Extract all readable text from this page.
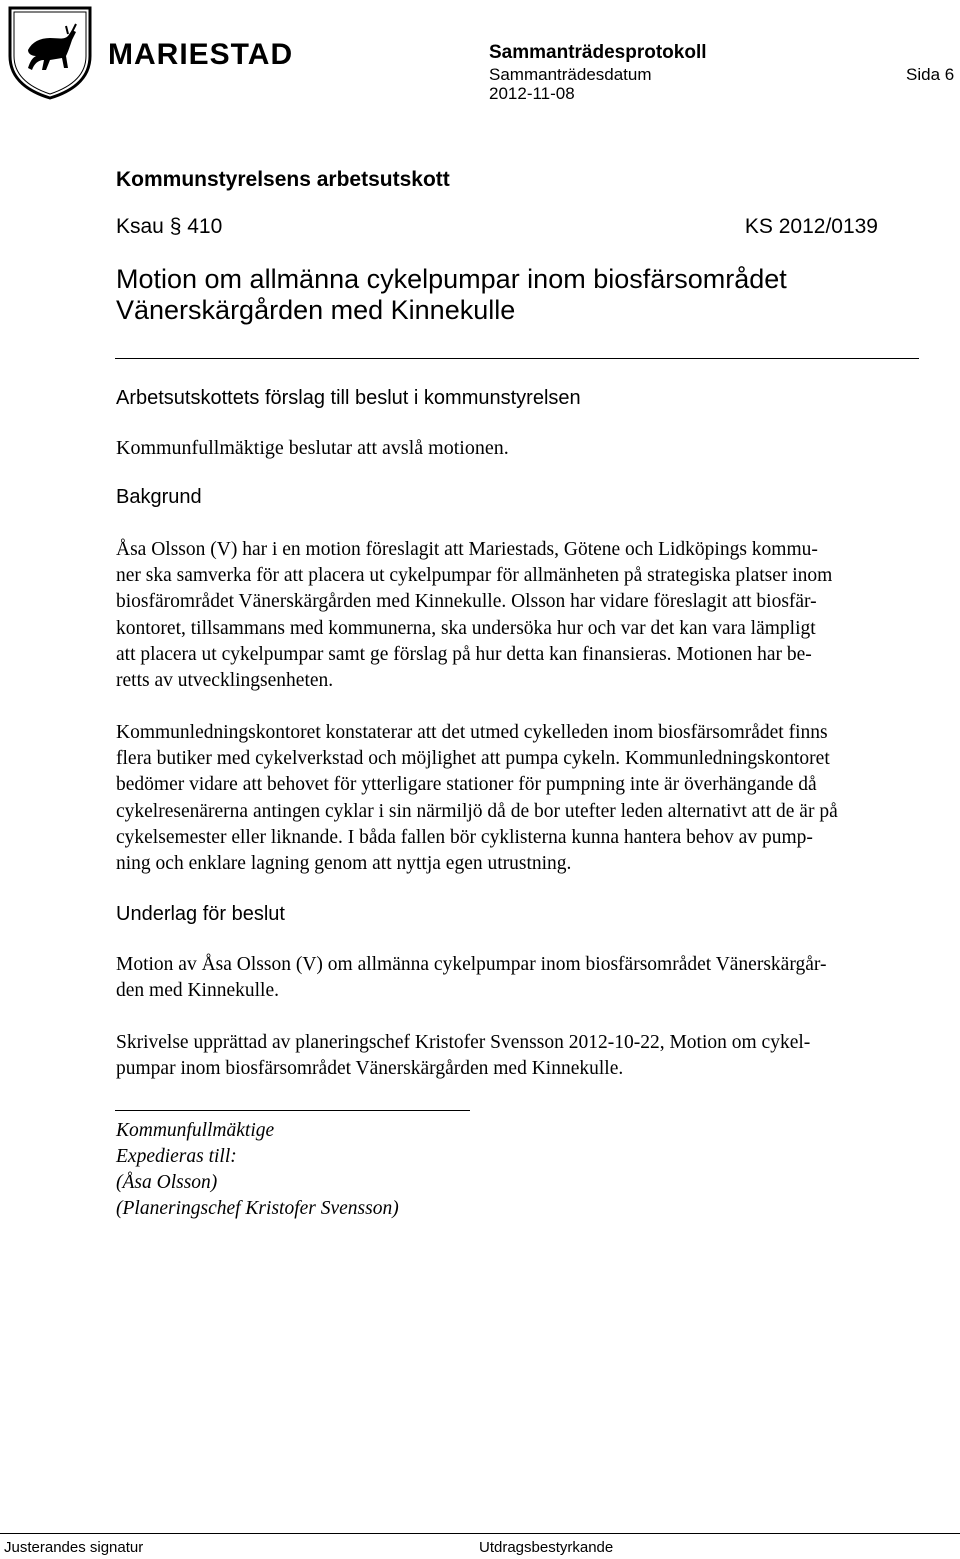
MARIESTAD	Sammanträdesprotokoll
Sammanträdesdatum
2012-11-08
Sida 6
Kommunstyrelsens arbetsutskott
Ksau § 410	KS 2012/0139
Motion om allmänna cykelpumpar inom biosfärsområdet
Vänerskärgården med Kinnekulle
Arbetsutskottets förslag till beslut i kommunstyrelsen
Kommunfullmäktige beslutar att avslå motionen.
Bakgrund
Åsa Olsson (V) har i en motion föreslagit att Mariestads, Götene och Lidköpings kommu-
ner ska samverka för att placera ut cykelpumpar för allmänheten på strategiska platser inom
biosfärområdet Vänerskärgården med Kinnekulle. Olsson har vidare föreslagit att biosfär-
kontoret, tillsammans med kommunerna, ska undersöka hur och var det kan vara lämpligt
att placera ut cykelpumpar samt ge förslag på hur detta kan finansieras. Motionen har be-
retts av utvecklingsenheten.
Kommunledningskontoret konstaterar att det utmed cykelleden inom biosfärsområdet finns
flera butiker med cykelverkstad och möjlighet att pumpa cykeln. Kommunledningskontoret
bedömer vidare att behovet för ytterligare stationer för pumpning inte är överhängande då
cykelresenärerna antingen cyklar i sin närmiljö då de bor utefter leden alternativt att de är på
cykelsemester eller liknande. I båda fallen bör cyklisterna kunna hantera behov av pump-
ning och enklare lagning genom att nyttja egen utrustning.
Underlag för beslut
Motion av Åsa Olsson (V) om allmänna cykelpumpar inom biosfärsområdet Vänerskärgår-
den med Kinnekulle.
Skrivelse upprättad av planeringschef Kristofer Svensson 2012-10-22, Motion om cykel-
pumpar inom biosfärsområdet Vänerskärgården med Kinnekulle.
Kommunfullmäktige
Expedieras till:
(Åsa Olsson)
(Planeringschef Kristofer Svensson)
Justerandes signatur	Utdragsbestyrkande
